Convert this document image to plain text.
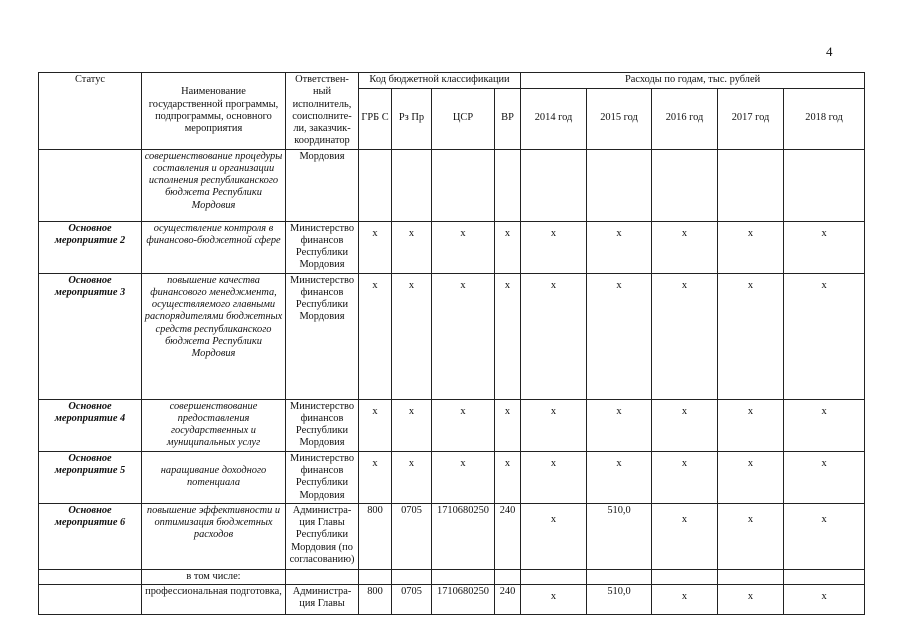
4
Статус	Наименование государственной программы, подпрограммы, основного мероприятия	Ответствен-ный исполнитель, соисполните-ли, заказчик-координатор	Код бюджетной классификации				Расходы по годам, тыс. рублей				
			ГРБ С	Рз Пр	ЦСР	ВР	2014 год	2015 год	2016 год	2017 год	2018 год
	совершенствование процедуры составления и организации исполнения республиканского бюджета Республики Мордовия	Мордовия									
Основное мероприятие 2	осуществление контроля в финансово-бюджетной сфере	Министерство финансов Республики Мордовия	х	х	х	х	х	х	х	х	х
Основное мероприятие 3	повышение качества финансового менеджмента, осуществляемого главными распорядителями бюджетных средств республиканского бюджета Республики Мордовия	Министерство финансов Республики Мордовия	х	х	х	х	х	х	х	х	х
Основное мероприятие 4	совершенствование предоставления государственных и муниципальных услуг	Министерство финансов Республики Мордовия	х	х	х	х	х	х	х	х	х
Основное мероприятие 5	наращивание доходного потенциала	Министерство финансов Республики Мордовия	х	х	х	х	х	х	х	х	х
Основное мероприятие 6	повышение эффективности и оптимизация бюджетных расходов	Администра-ция Главы Республики Мордовия (по согласованию)	800	0705	1710680250	240	х	510,0	х	х	х
	в том числе:										
	профессиональная подготовка,	Администра-ция Главы	800	0705	1710680250	240	х	510,0	х	х	х
